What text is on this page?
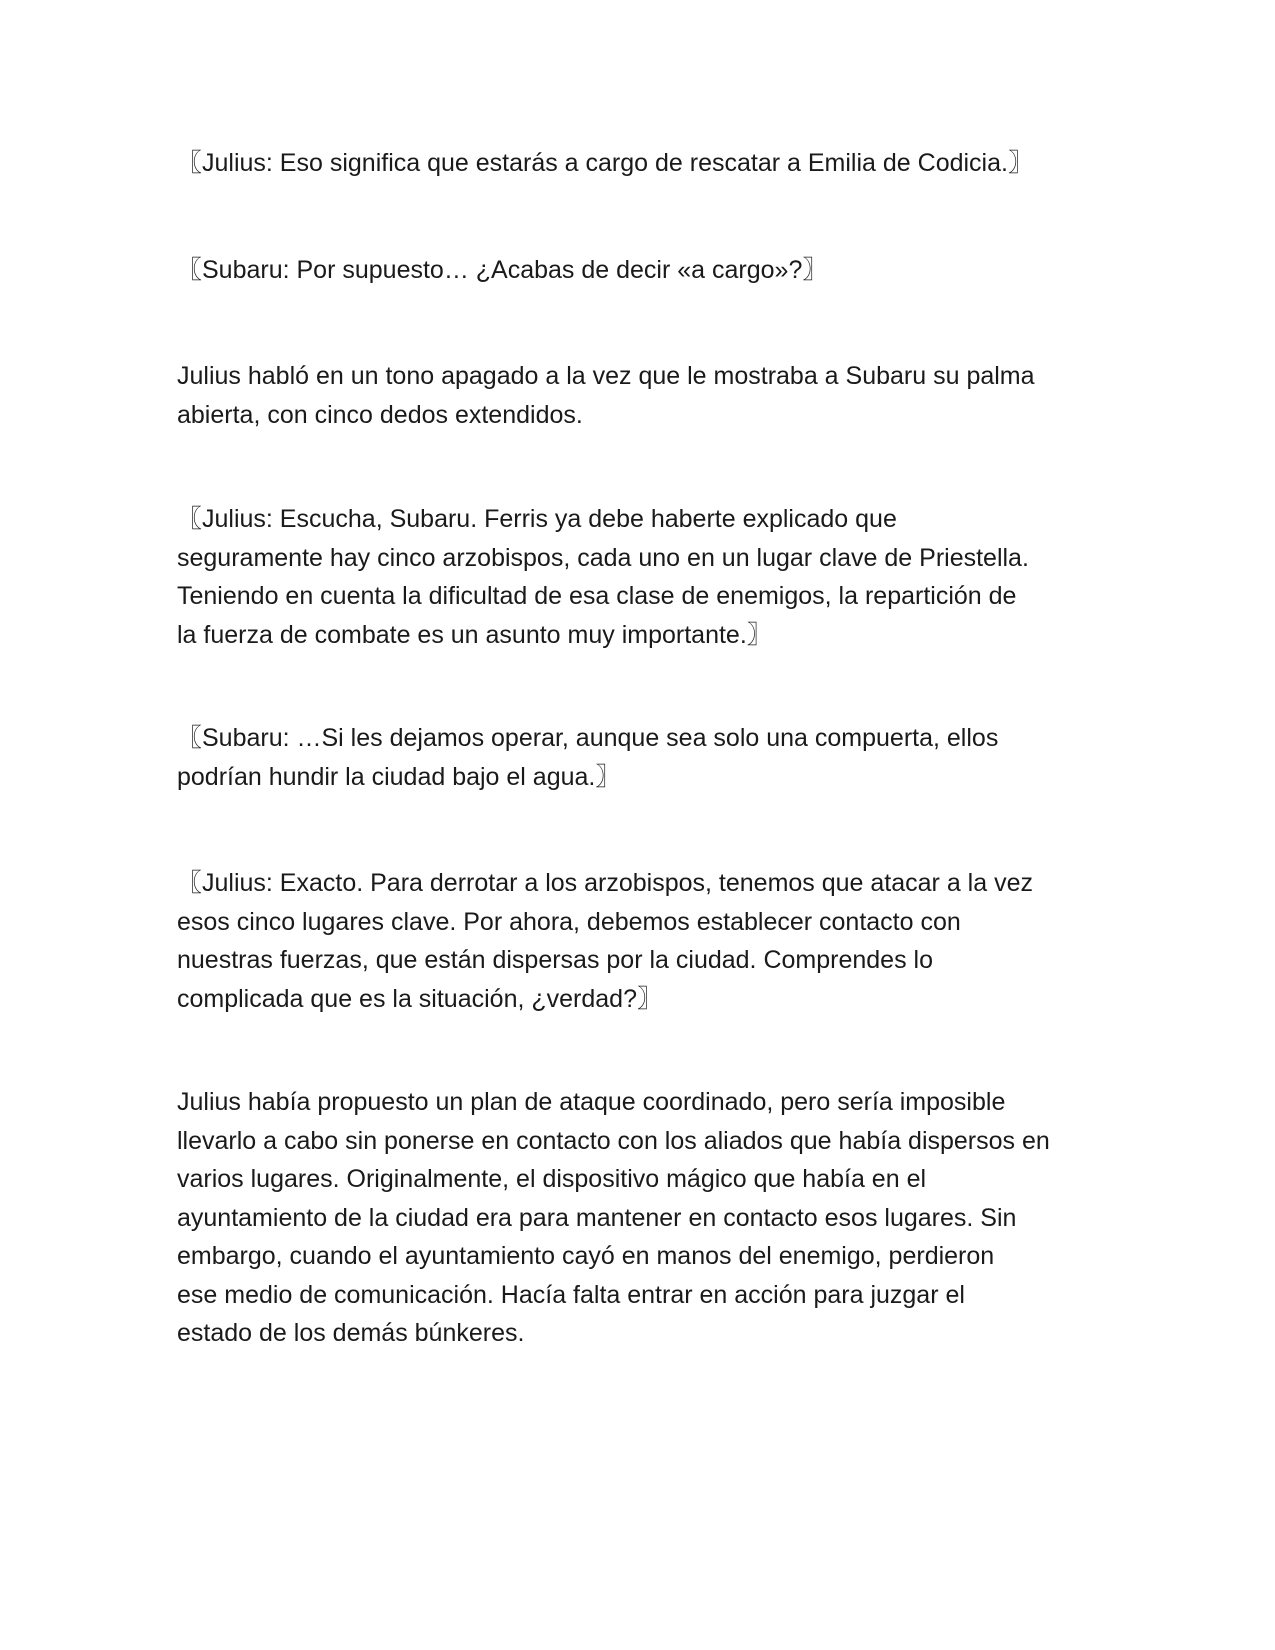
〖Julius: Eso significa que estarás a cargo de rescatar a Emilia de Codicia.〗

〖Subaru: Por supuesto… ¿Acabas de decir «a cargo»?〗

Julius habló en un tono apagado a la vez que le mostraba a Subaru su palma
abierta, con cinco dedos extendidos.

〖Julius: Escucha, Subaru. Ferris ya debe haberte explicado que
seguramente hay cinco arzobispos, cada uno en un lugar clave de Priestella.
Teniendo en cuenta la dificultad de esa clase de enemigos, la repartición de
la fuerza de combate es un asunto muy importante.〗

〖Subaru: …Si les dejamos operar, aunque sea solo una compuerta, ellos
podrían hundir la ciudad bajo el agua.〗

〖Julius: Exacto. Para derrotar a los arzobispos, tenemos que atacar a la vez
esos cinco lugares clave. Por ahora, debemos establecer contacto con
nuestras fuerzas, que están dispersas por la ciudad. Comprendes lo
complicada que es la situación, ¿verdad?〗

Julius había propuesto un plan de ataque coordinado, pero sería imposible
llevarlo a cabo sin ponerse en contacto con los aliados que había dispersos en
varios lugares. Originalmente, el dispositivo mágico que había en el
ayuntamiento de la ciudad era para mantener en contacto esos lugares. Sin
embargo, cuando el ayuntamiento cayó en manos del enemigo, perdieron
ese medio de comunicación. Hacía falta entrar en acción para juzgar el
estado de los demás búnkeres.
